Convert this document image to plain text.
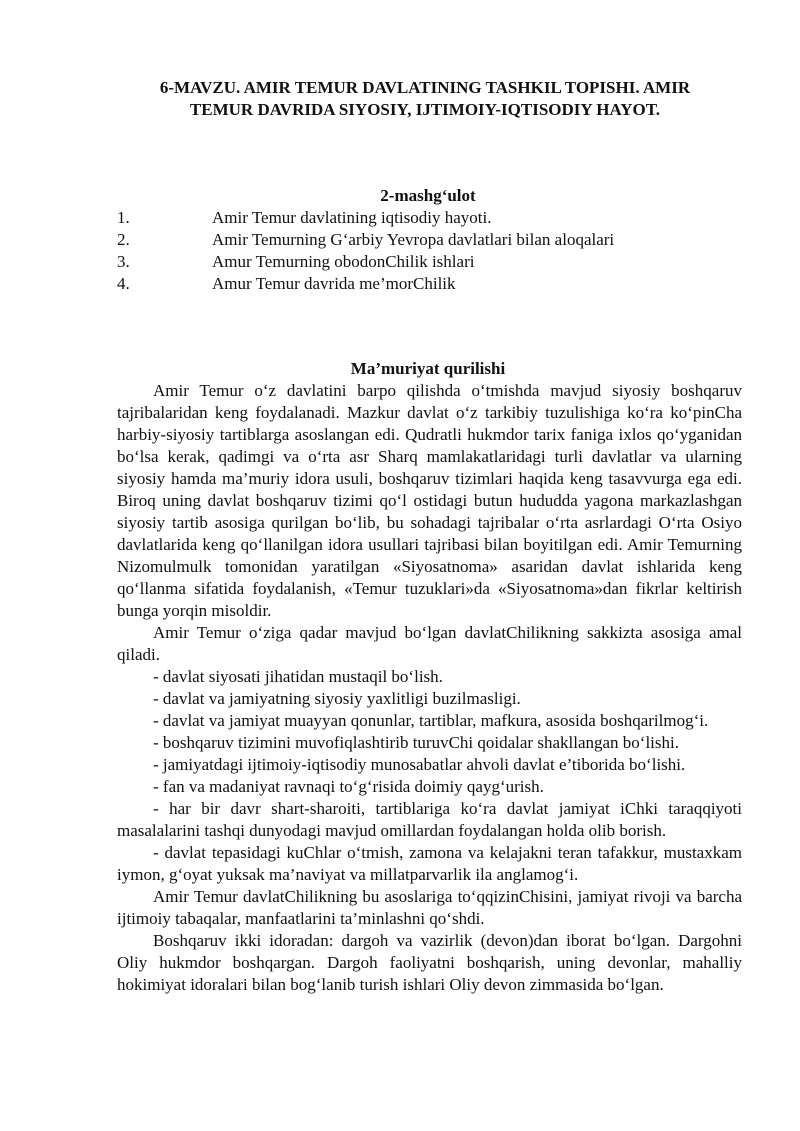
6-MAVZU. AMIR TEMUR DAVLATINING TASHKIL TOPISHI. AMIR
TEMUR DAVRIDA SIYOSIY, IJTIMOIY-IQTISODIY HAYOT.
2-mashg‘ulot
1.	Amir Temur davlatining iqtisodiy hayoti.
2.	Amir Temurning G‘arbiy Yevropa davlatlari bilan aloqalari
3.	Amur Temurning obodonChilik ishlari
4.	Amur Temur davrida me’morChilik
Ma’muriyat qurilishi

Amir Temur o‘z davlatini barpo qilishda o‘tmishda mavjud siyosiy boshqaruv tajribalaridan keng foydalanadi. Mazkur davlat o‘z tarkibiy tuzulishiga ko‘ra ko‘pinCha harbiy-siyosiy tartiblarga asoslangan edi. Qudratli hukmdor tarix faniga ixlos qo‘yganidan bo‘lsa kerak, qadimgi va o‘rta asr Sharq mamlakatlaridagi turli davlatlar va ularning siyosiy hamda ma’muriy idora usuli, boshqaruv tizimlari haqida keng tasavvurga ega edi. Biroq uning davlat boshqaruv tizimi qo‘l ostidagi butun hududda yagona markazlashgan siyosiy tartib asosiga qurilgan bo‘lib, bu sohadagi tajribalar o‘rta asrlardagi O‘rta Osiyo davlatlarida keng qo‘llanilgan idora usullari tajribasi bilan boyitilgan edi. Amir Temurning Nizomulmulk tomonidan yaratilgan «Siyosatnoma» asaridan davlat ishlarida keng qo‘llanma sifatida foydalanish, «Temur tuzuklari»da «Siyosatnoma»dan fikrlar keltirish bunga yorqin misoldir.

Amir Temur o‘ziga qadar mavjud bo‘lgan davlatChilikning sakkizta asosiga amal qiladi.

- davlat siyosati jihatidan mustaqil bo‘lish.

- davlat va jamiyatning siyosiy yaxlitligi buzilmasligi.

- davlat va jamiyat muayyan qonunlar, tartiblar, mafkura, asosida boshqarilmog‘i.

- boshqaruv tizimini muvofiqlashtirib turuvChi qoidalar shakllangan bo‘lishi.

- jamiyatdagi ijtimoiy-iqtisodiy munosabatlar ahvoli davlat e’tiborida bo‘lishi.

- fan va madaniyat ravnaqi to‘g‘risida doimiy qayg‘urish.

- har bir davr shart-sharoiti, tartiblariga ko‘ra davlat jamiyat iChki taraqqiyoti masalalarini tashqi dunyodagi mavjud omillardan foydalangan holda olib borish.

- davlat tepasidagi kuChlar o‘tmish, zamona va kelajakni teran tafakkur, mustaxkam iymon, g‘oyat yuksak ma’naviyat va millatparvarlik ila anglamog‘i.

Amir Temur davlatChilikning bu asoslariga to‘qqizinChisini, jamiyat rivoji va barcha ijtimoiy tabaqalar, manfaatlarini ta’minlashni qo‘shdi.

Boshqaruv ikki idoradan: dargoh va vazirlik (devon)dan iborat bo‘lgan. Dargohni Oliy hukmdor boshqargan. Dargoh faoliyatni boshqarish, uning devonlar, mahalliy hokimiyat idoralari bilan bog‘lanib turish ishlari Oliy devon zimmasida bo‘lgan.
